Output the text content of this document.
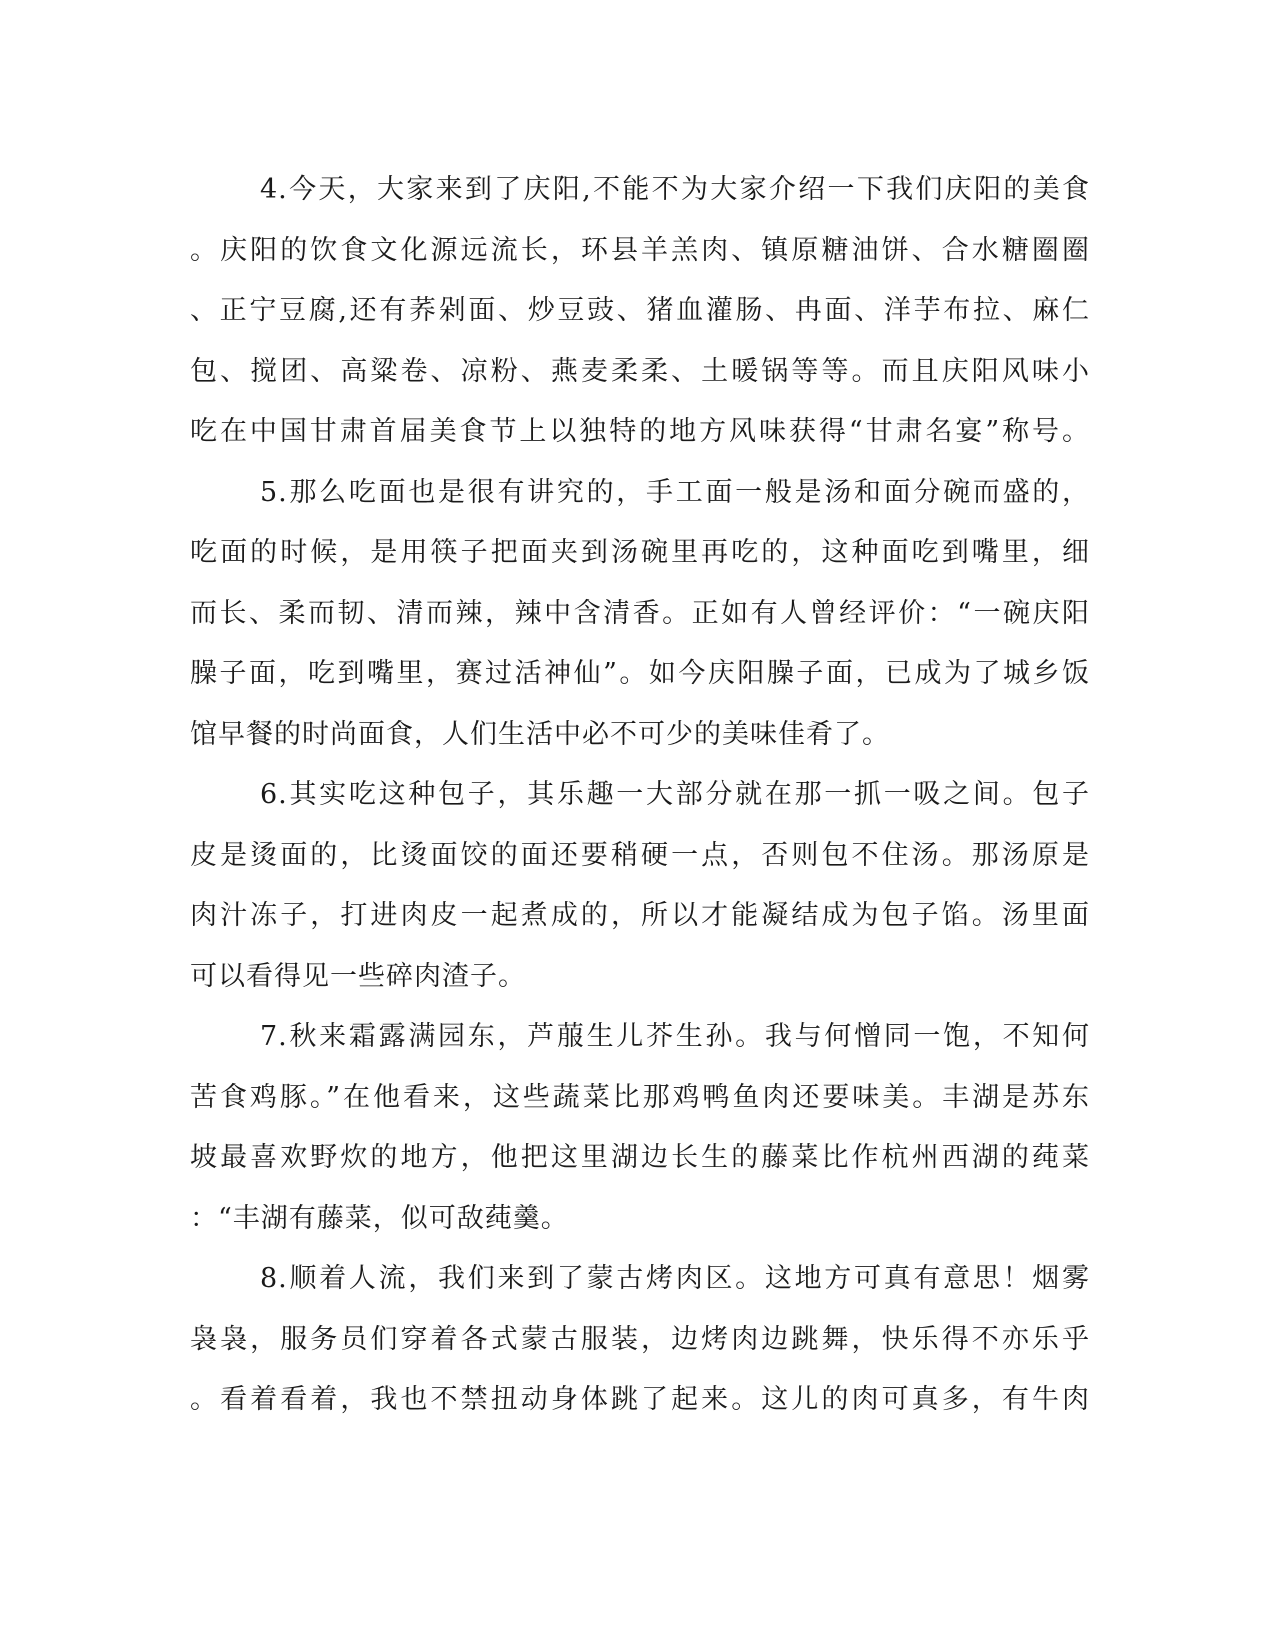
4.今天，大家来到了庆阳,不能不为大家介绍一下我们庆阳的美食
。庆阳的饮食文化源远流长，环县羊羔肉、镇原糖油饼、合水糖圈圈
、正宁豆腐,还有荞剁面、炒豆豉、猪血灌肠、冉面、洋芋布拉、麻仁
包、搅团、高粱卷、凉粉、燕麦柔柔、土暖锅等等。而且庆阳风味小
吃在中国甘肃首届美食节上以独特的地方风味获得“甘肃名宴”称号。
5.那么吃面也是很有讲究的，手工面一般是汤和面分碗而盛的，
吃面的时候，是用筷子把面夹到汤碗里再吃的，这种面吃到嘴里，细
而长、柔而韧、清而辣，辣中含清香。正如有人曾经评价：“一碗庆阳
臊子面，吃到嘴里，赛过活神仙”。如今庆阳臊子面，已成为了城乡饭
馆早餐的时尚面食，人们生活中必不可少的美味佳肴了。
6.其实吃这种包子，其乐趣一大部分就在那一抓一吸之间。包子
皮是烫面的，比烫面饺的面还要稍硬一点，否则包不住汤。那汤原是
肉汁冻子，打进肉皮一起煮成的，所以才能凝结成为包子馅。汤里面
可以看得见一些碎肉渣子。
7.秋来霜露满园东，芦菔生儿芥生孙。我与何憎同一饱，不知何
苦食鸡豚。”在他看来，这些蔬菜比那鸡鸭鱼肉还要味美。丰湖是苏东
坡最喜欢野炊的地方，他把这里湖边长生的藤菜比作杭州西湖的莼菜
：“丰湖有藤菜，似可敌莼羹。
8.顺着人流，我们来到了蒙古烤肉区。这地方可真有意思！烟雾
袅袅，服务员们穿着各式蒙古服装，边烤肉边跳舞，快乐得不亦乐乎
。看着看着，我也不禁扭动身体跳了起来。这儿的肉可真多，有牛肉
